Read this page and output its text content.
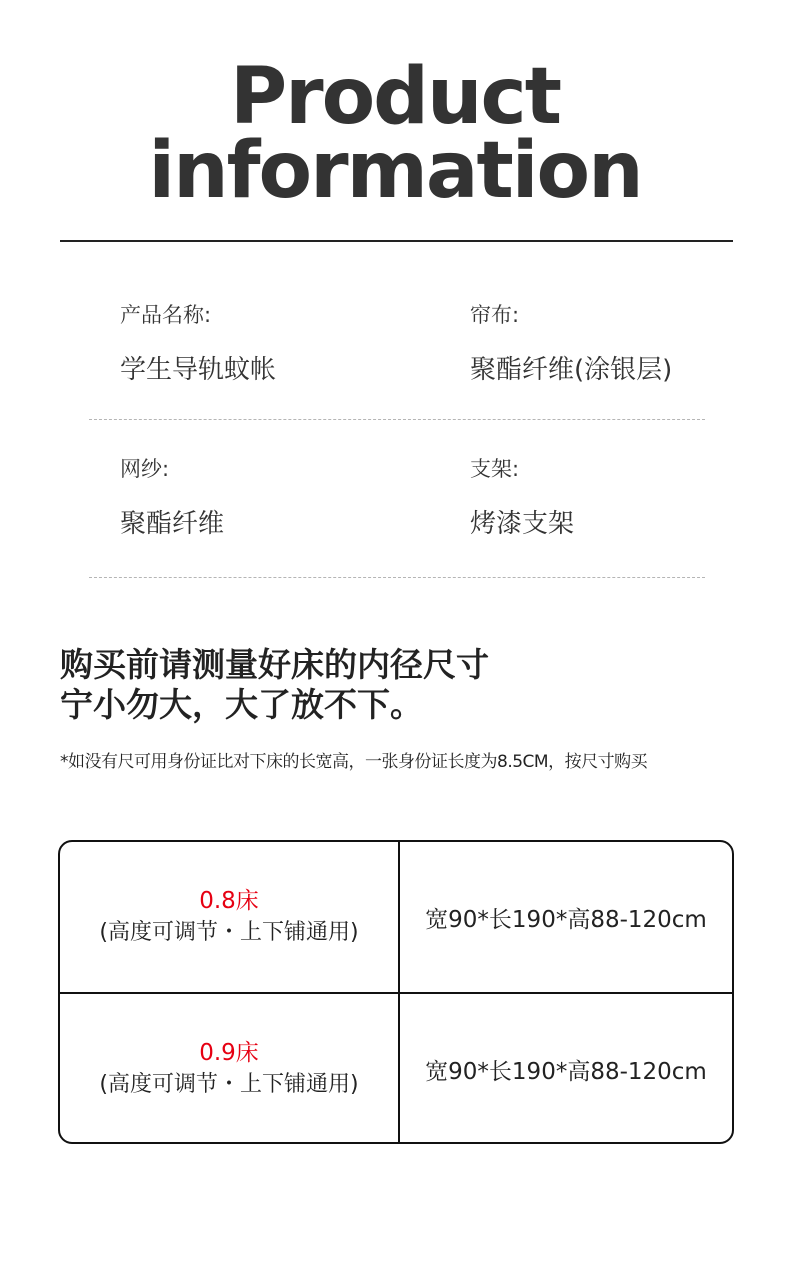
Product
information
产品名称:
学生导轨蚊帐
帘布:
聚酯纤维(涂银层)
网纱:
聚酯纤维
支架:
烤漆支架
购买前请测量好床的内径尺寸
宁小勿大，大了放不下。
*如没有尺可用身份证比对下床的长宽高，一张身份证长度为8.5CM，按尺寸购买
0.8床
(高度可调节・上下铺通用)	宽90*长190*高88-120cm
0.9床
(高度可调节・上下铺通用)	宽90*长190*高88-120cm
